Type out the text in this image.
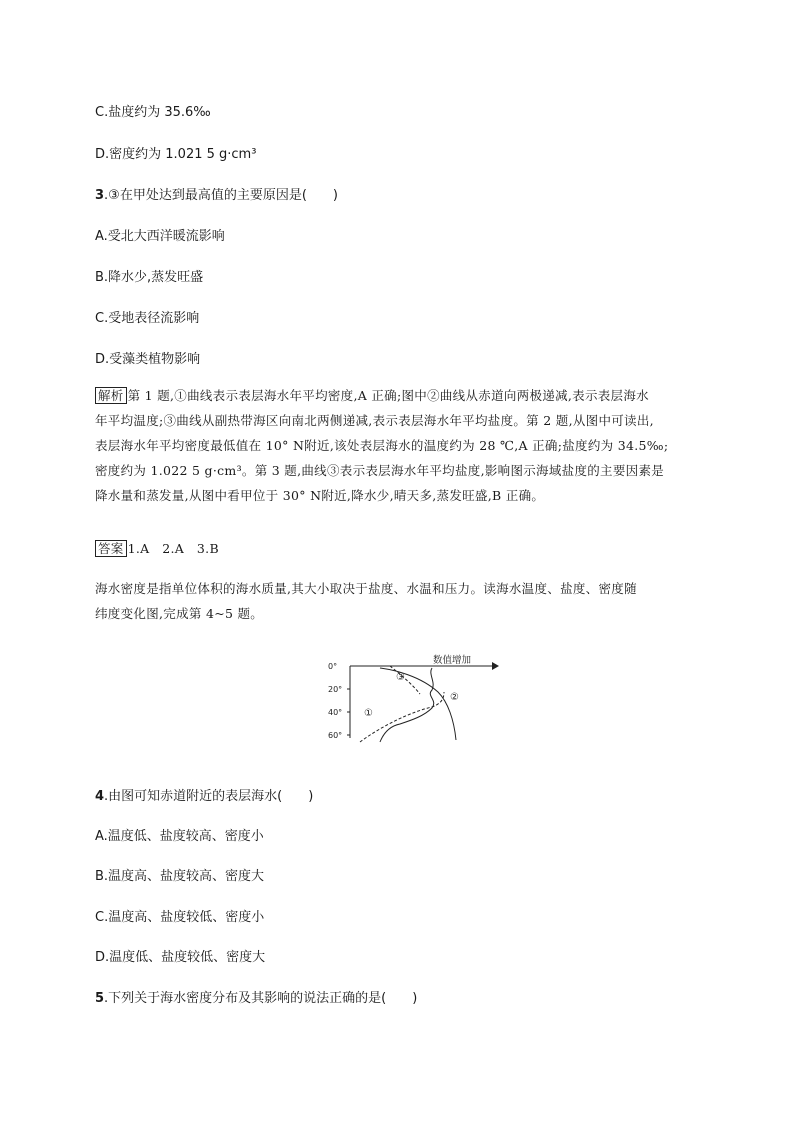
C.盐度约为 35.6‰
D.密度约为 1.021 5 g·cm³
3.③在甲处达到最高值的主要原因是(　　)
A.受北大西洋暖流影响
B.降水少,蒸发旺盛
C.受地表径流影响
D.受藻类植物影响
解析 第 1 题,①曲线表示表层海水年平均密度,A 正确;图中②曲线从赤道向两极递减,表示表层海水
年平均温度;③曲线从副热带海区向南北两侧递减,表示表层海水年平均盐度。第 2 题,从图中可读出,
表层海水年平均密度最低值在 10° N附近,该处表层海水的温度约为 28 ℃,A 正确;盐度约为 34.5‰;
密度约为 1.022 5 g·cm³。第 3 题,曲线③表示表层海水年平均盐度,影响图示海域盐度的主要因素是
降水量和蒸发量,从图中看甲位于 30° N附近,降水少,晴天多,蒸发旺盛,B 正确。
答案 1.A　2.A　3.B
海水密度是指单位体积的海水质量,其大小取决于盐度、水温和压力。读海水温度、盐度、密度随
纬度变化图,完成第 4~5 题。
数值增加
0°
20°
40°
60°
①
②
③
4.由图可知赤道附近的表层海水(　　)
A.温度低、盐度较高、密度小
B.温度高、盐度较高、密度大
C.温度高、盐度较低、密度小
D.温度低、盐度较低、密度大
5.下列关于海水密度分布及其影响的说法正确的是(　　)
